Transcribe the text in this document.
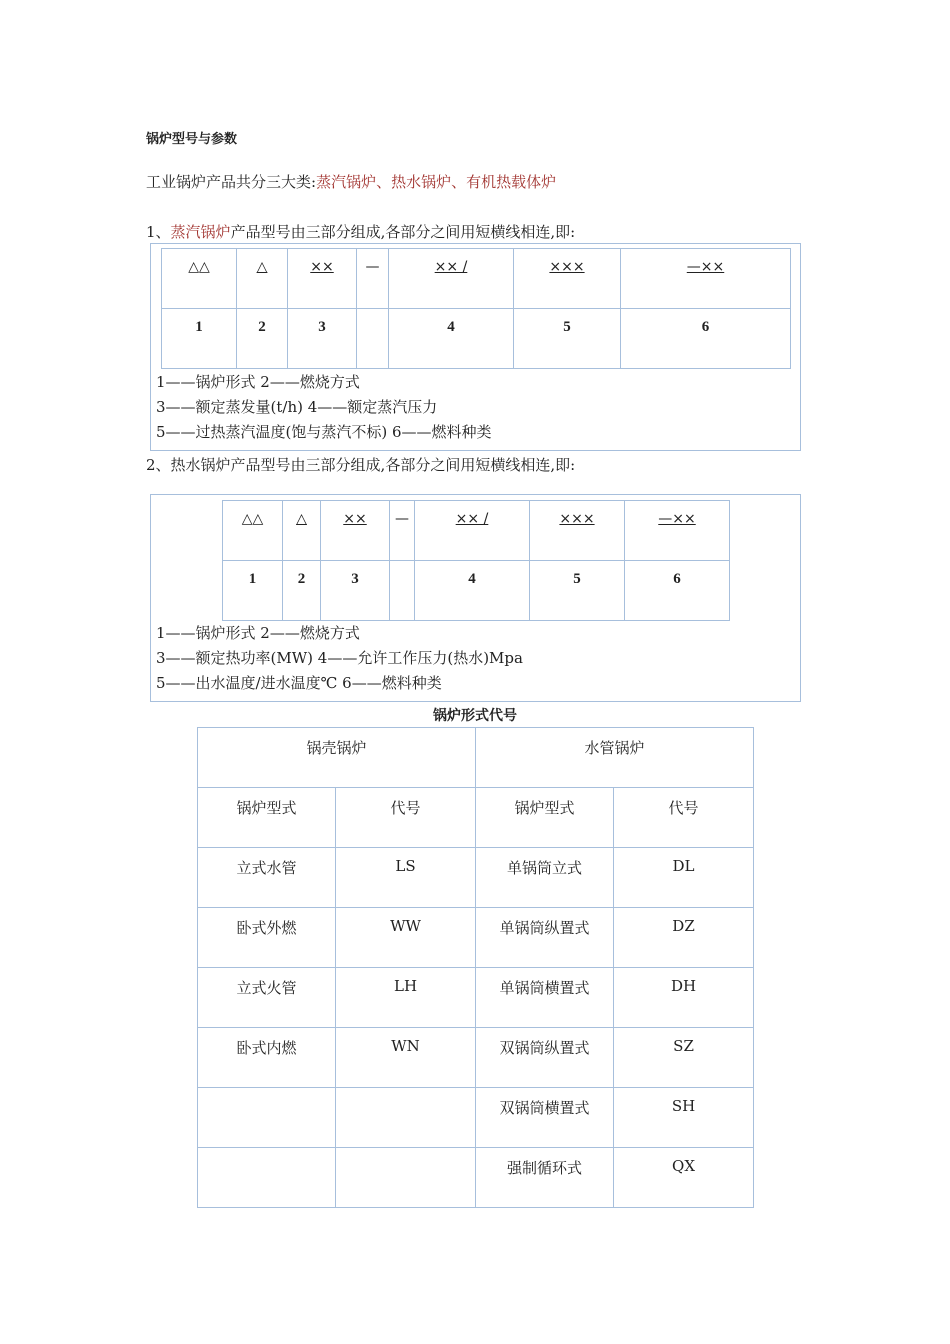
锅炉型号与参数
工业锅炉产品共分三大类:蒸汽锅炉、热水锅炉、有机热载体炉
1、蒸汽锅炉产品型号由三部分组成,各部分之间用短横线相连,即:
△△	△	××	—	×× /	×××	—××
1	2	3		4	5	6
1——锅炉形式 2——燃烧方式
3——额定蒸发量(t/h) 4——额定蒸汽压力
5——过热蒸汽温度(饱与蒸汽不标) 6——燃料种类
2、热水锅炉产品型号由三部分组成,各部分之间用短横线相连,即:
△△	△	××	—	×× /	×××	—××
1	2	3		4	5	6
1——锅炉形式 2——燃烧方式
3——额定热功率(MW) 4——允许工作压力(热水)Mpa
5——出水温度/进水温度℃ 6——燃料种类
锅炉形式代号
锅壳锅炉		水管锅炉	
锅炉型式	代号	锅炉型式	代号
立式水管	LS	单锅筒立式	DL
卧式外燃	WW	单锅筒纵置式	DZ
立式火管	LH	单锅筒横置式	DH
卧式内燃	WN	双锅筒纵置式	SZ
		双锅筒横置式	SH
		强制循环式	QX
